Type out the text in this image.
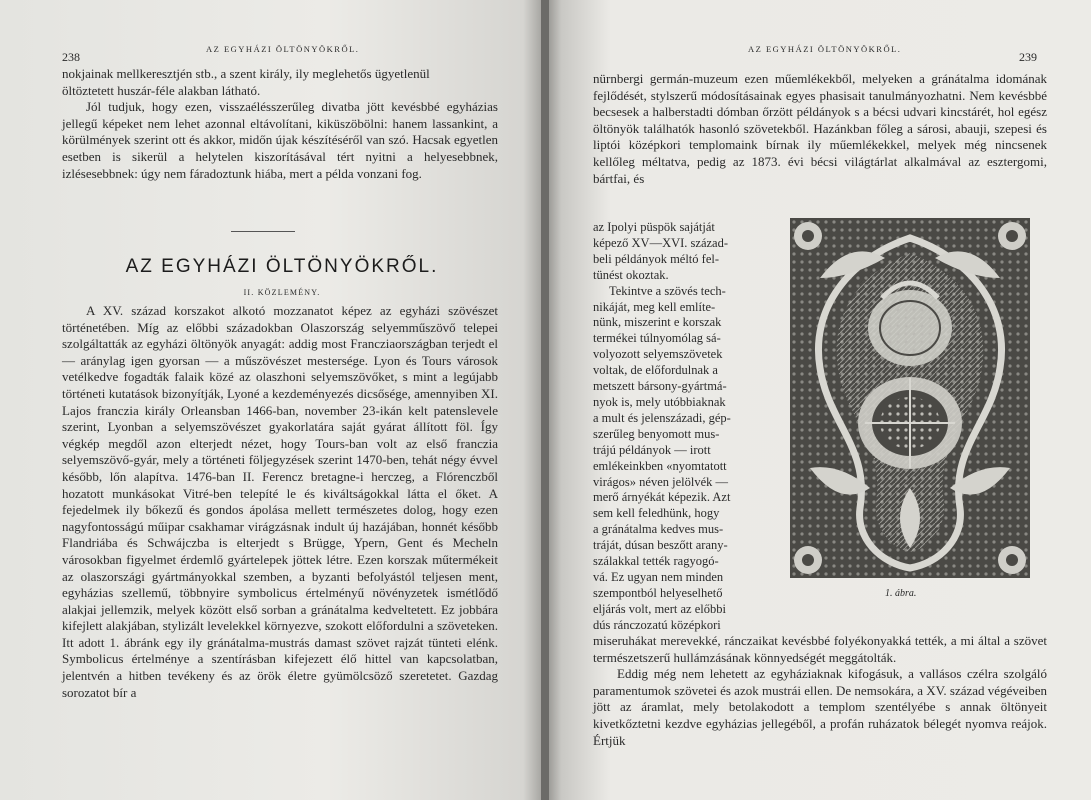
238
AZ EGYHÁZI ÖLTÖNYÖKRŐL.

nokjainak mellkeresztjén stb., a szent király, ily meglehetős ügyetlenül

öltöztetett huszár-féle alakban látható.

Jól tudjuk, hogy ezen, visszaélésszerűleg divatba jött kevésbbé egyházias jellegű képeket nem lehet azonnal eltávolítani, kiküszöbölni: hanem lassankint, a körülmények szerint ott és akkor, midőn újak készítéséről van szó. Hacsak egyetlen esetben is sikerül a helytelen kiszorításával tért nyitni a helyesebbnek, izlésesebbnek: úgy nem fáradoztunk hiába, mert a példa vonzani fog.

AZ EGYHÁZI ÖLTÖNYÖKRŐL.
II. KÖZLEMÉNY.

A XV. század korszakot alkotó mozzanatot képez az egyházi szövészet történetében. Míg az előbbi századokban Olaszország selyemműszövő telepei szolgáltatták az egyházi öltönyök anyagát: addig most Francziaországban terjedt el — aránylag igen gyorsan — a műszövészet mestersége. Lyon és Tours városok vetélkedve fogadták falaik közé az olaszhoni selyemszövőket, s mint a legújabb történeti kutatások bizonyítják, Lyoné a kezdeményezés dicsősége, amennyiben XI. Lajos franczia király Orleansban 1466-ban, november 23-ikán kelt patenslevele szerint, Lyonban a selyemszövészet gyakorlatára saját gyárat állított föl. Így végkép megdől azon elterjedt nézet, hogy Tours-ban volt az első franczia selyemszövő-gyár, mely a történeti följegyzések szerint 1470-ben, tehát négy évvel később, lőn alapítva. 1476-ban II. Ferencz bretagne-i herczeg, a Flórenczből hozatott munkásokat Vitré-ben telepíté le és kiváltságokkal látta el őket. A fejedelmek ily bőkezű és gondos ápolása mellett természetes dolog, hogy ezen nagyfontosságú műipar csakhamar virágzásnak indult új hazájában, honnét később Flandriába és Schwájczba is elterjedt s Brügge, Ypern, Gent és Mecheln városokban figyelmet érdemlő gyártelepek jöttek létre. Ezen korszak műtermékeit az olaszországi gyártmányokkal szemben, a byzanti befolyástól teljesen ment, egyházias szellemű, többnyire symbolicus értelményű növényzetek ismétlődő alakjai jellemzik, melyek között első sorban a gránátalma kedveltetett. Ez jobbára kifejlett alakjában, stylizált levelekkel környezve, szokott előfordulni a szöveteken. Itt adott 1. ábránk egy ily gránátalma-mustrás damast szövet rajzát tünteti elénk. Symbolicus értelménye a szentírásban kifejezett élő hittel van kapcsolatban, jelentvén a hitben tevékeny és az örök életre gyümölcsöző szeretetet. Gazdag sorozatot bír a

AZ EGYHÁZI ÖLTÖNYÖKRŐL.
239

nürnbergi germán-muzeum ezen műemlékekből, melyeken a gránátalma idomának fejlődését, stylszerű módosításainak egyes phasisait tanulmányozhatni. Nem kevésbbé becsesek a halberstadti dómban őrzött példányok s a bécsi udvari kincstárét, hol egész öltönyök találhatók hasonló szövetekből. Hazánkban főleg a sárosi, abauji, szepesi és liptói középkori templomaink bírnak ily műemlékekkel, melyek még nincsenek kellőleg méltatva, pedig az 1873. évi bécsi világtárlat alkalmával az esztergomi, bártfai, és

az Ipolyi püspök sajátját

képező XV—XVI. század-

beli példányok méltó fel-

tünést okoztak.

Tekintve a szövés tech-

nikáját, meg kell említe-

nünk, miszerint e korszak

termékei túlnyomólag sá-

volyozott selyemszövetek

voltak, de előfordulnak a

metszett bársony-gyártmá-

nyok is, mely utóbbiaknak

a mult és jelenszázadi, gép-

szerűleg benyomott mus-

trájú példányok — irott

emlékeinkben «nyomtatott

virágos» néven jelölvék —

merő árnyékát képezik. Azt

sem kell feledhünk, hogy

a gránátalma kedves mus-

tráját, dúsan beszőtt arany-

szálakkal tették ragyogó-

vá. Ez ugyan nem minden

szempontból helyeselhető

eljárás volt, mert az előbbi

dús ránczozatú középkori

miseruhákat merevekké, ránczaikat kevésbbé folyékonyakká tették, a mi által a szövet természetszerű hullámzásának könnyedségét meggátolták.

Eddig még nem lehetett az egyháziaknak kifogásuk, a vallásos czélra szolgáló paramentumok szövetei és azok mustrái ellen. De nemsokára, a XV. század végéveiben jött az áramlat, mely betolakodott a templom szentélyébe s annak öltönyeit kivetkőztetni kezdve egyházias jellegéből, a profán ruházatok bélegét nyomva reájok. Értjük

1. ábra.
